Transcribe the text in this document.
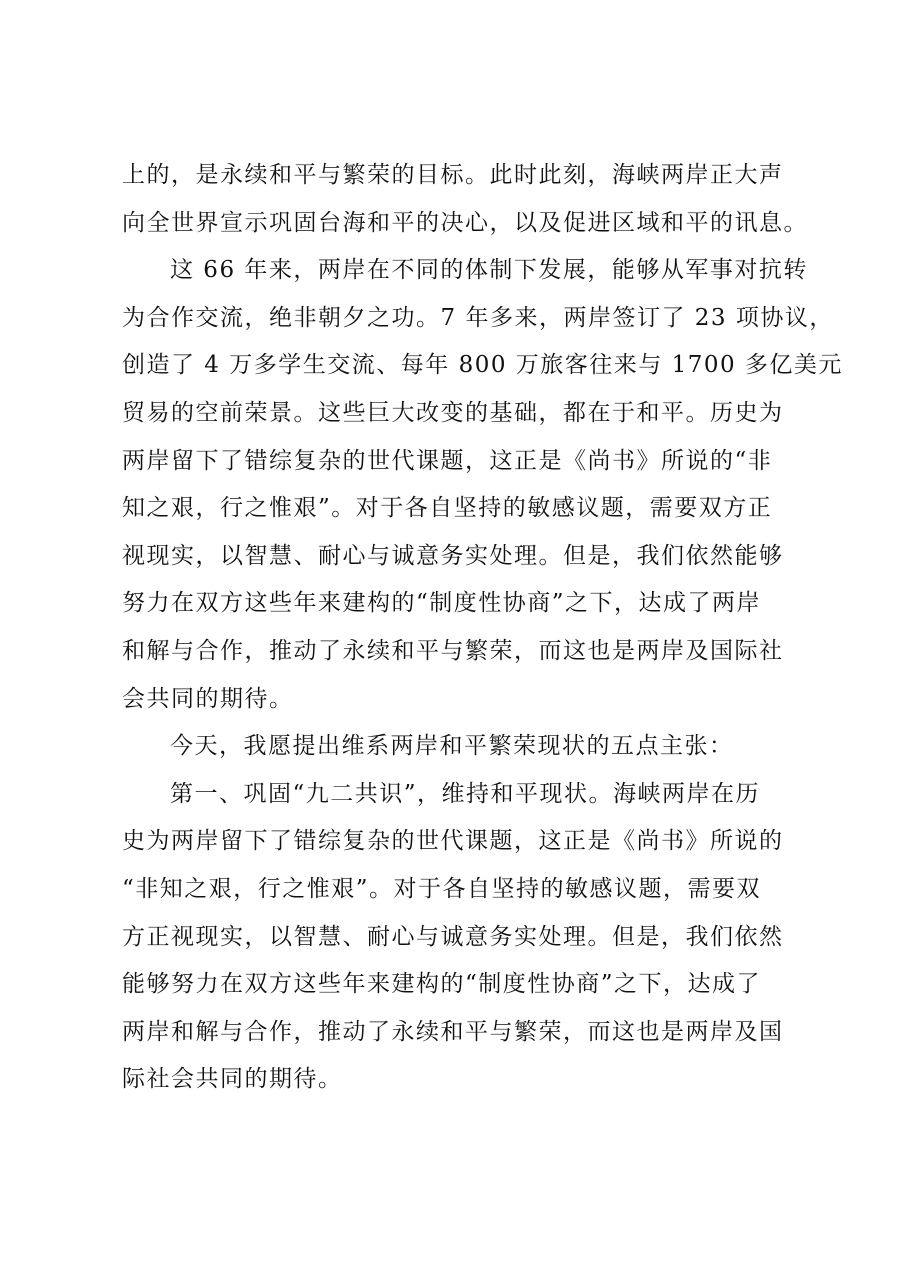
上的，是永续和平与繁荣的目标。此时此刻，海峡两岸正大声
向全世界宣示巩固台海和平的决心，以及促进区域和平的讯息。
这 66 年来，两岸在不同的体制下发展，能够从军事对抗转
为合作交流，绝非朝夕之功。7 年多来，两岸签订了 23 项协议，
创造了 4 万多学生交流、每年 800 万旅客往来与 1700 多亿美元
贸易的空前荣景。这些巨大改变的基础，都在于和平。历史为
两岸留下了错综复杂的世代课题，这正是《尚书》所说的“非
知之艰，行之惟艰”。对于各自坚持的敏感议题，需要双方正
视现实，以智慧、耐心与诚意务实处理。但是，我们依然能够
努力在双方这些年来建构的“制度性协商”之下，达成了两岸
和解与合作，推动了永续和平与繁荣，而这也是两岸及国际社
会共同的期待。
今天，我愿提出维系两岸和平繁荣现状的五点主张：
第一、巩固“九二共识”，维持和平现状。海峡两岸在历
史为两岸留下了错综复杂的世代课题，这正是《尚书》所说的
“非知之艰，行之惟艰”。对于各自坚持的敏感议题，需要双
方正视现实，以智慧、耐心与诚意务实处理。但是，我们依然
能够努力在双方这些年来建构的“制度性协商”之下，达成了
两岸和解与合作，推动了永续和平与繁荣，而这也是两岸及国
际社会共同的期待。
